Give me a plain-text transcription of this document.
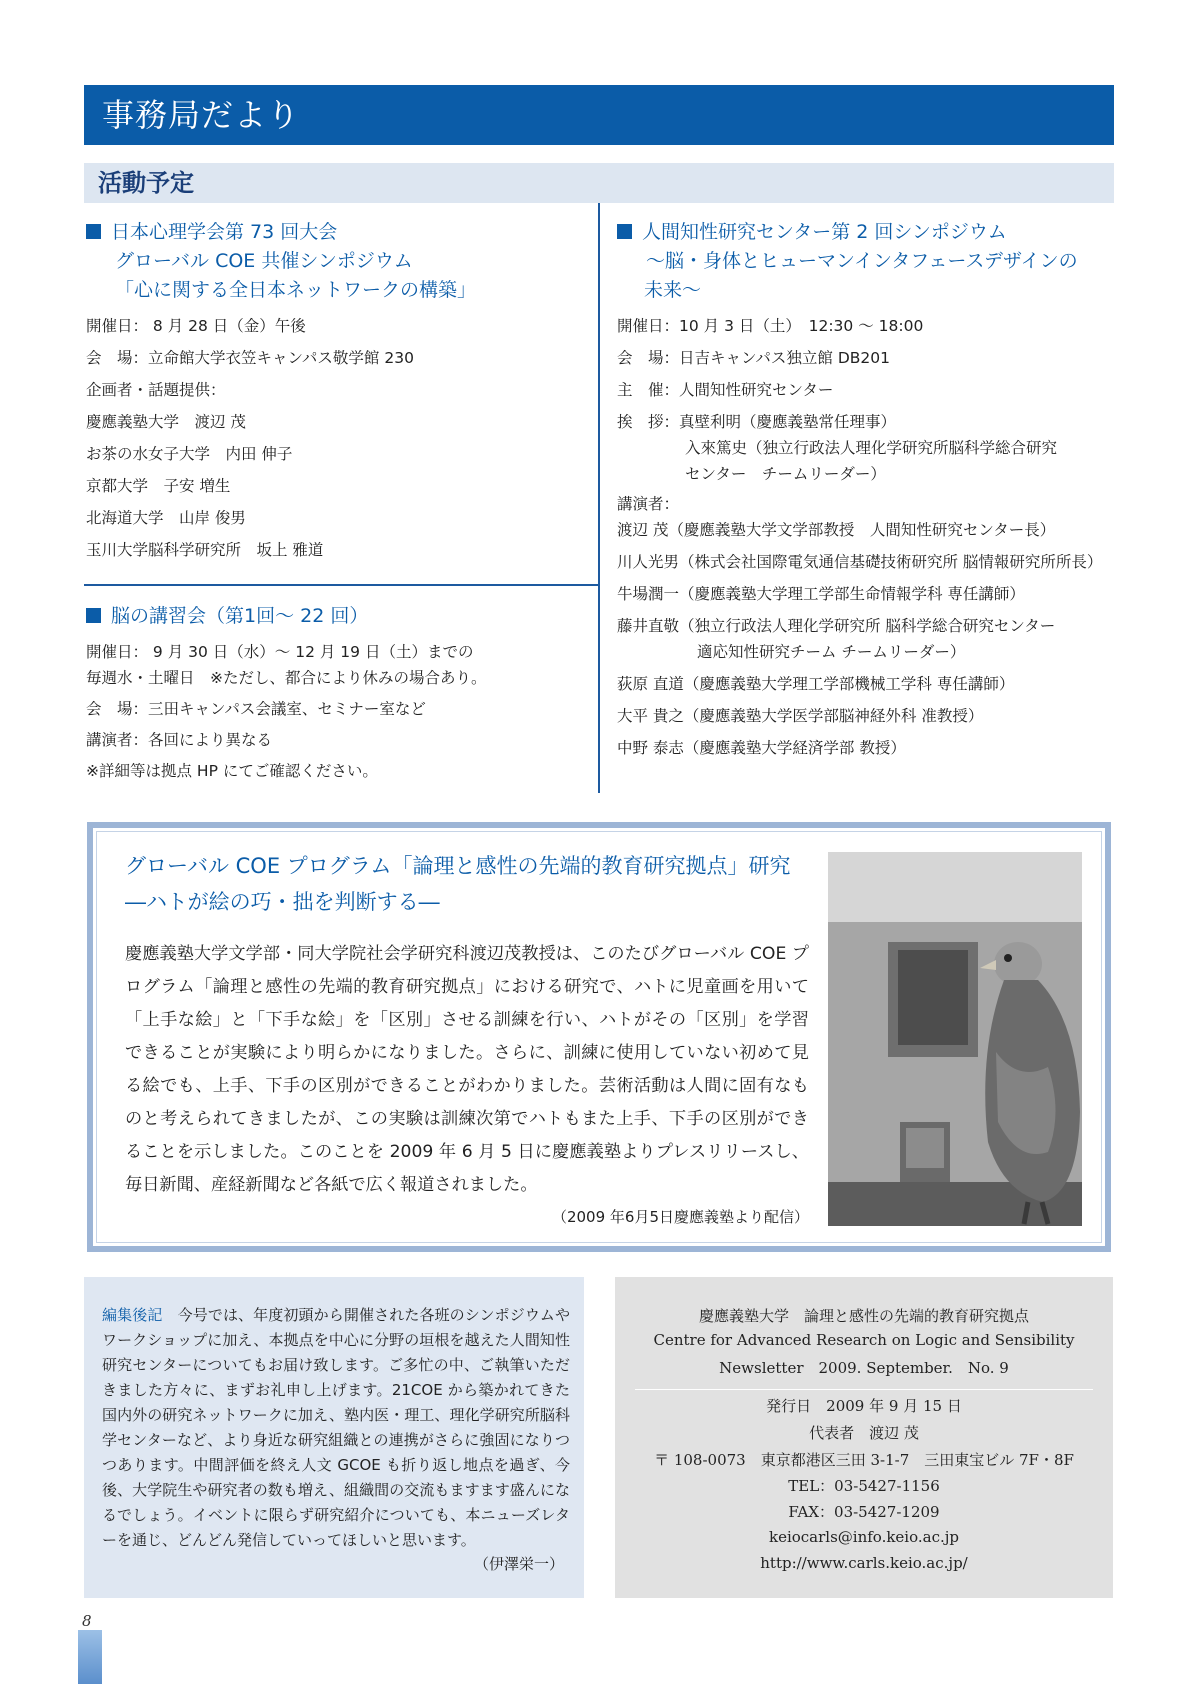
事務局だより
活動予定
日本心理学会第 73 回大会
グローバル COE 共催シンポジウム
「心に関する全日本ネットワークの構築」
開催日： 8 月 28 日（金）午後
会　場：立命館大学衣笠キャンパス敬学館 230
企画者・話題提供：
慶應義塾大学　渡辺 茂
お茶の水女子大学　内田 伸子
京都大学　子安 増生
北海道大学　山岸 俊男
玉川大学脳科学研究所　坂上 雅道
脳の講習会（第1回～ 22 回）
開催日： 9 月 30 日（水）～ 12 月 19 日（土）までの
毎週水・土曜日　※ただし、都合により休みの場合あり。
会　場：三田キャンパス会議室、セミナー室など
講演者：各回により異なる
※詳細等は拠点 HP にてご確認ください。
人間知性研究センター第 2 回シンポジウム
～脳・身体とヒューマンインタフェースデザインの
未来～
開催日：10 月 3 日（土）　12:30 ～ 18:00
会　場：日吉キャンパス独立館 DB201
主　催：人間知性研究センター
挨　拶：真壁利明（慶應義塾常任理事）
入來篤史（独立行政法人理化学研究所脳科学総合研究
センター　チームリーダー）
講演者：
渡辺 茂（慶應義塾大学文学部教授　人間知性研究センター長）
川人光男（株式会社国際電気通信基礎技術研究所 脳情報研究所所長）
牛場潤一（慶應義塾大学理工学部生命情報学科 専任講師）
藤井直敬（独立行政法人理化学研究所 脳科学総合研究センター
適応知性研究チーム チームリーダー）
荻原 直道（慶應義塾大学理工学部機械工学科 専任講師）
大平 貴之（慶應義塾大学医学部脳神経外科 准教授）
中野 泰志（慶應義塾大学経済学部 教授）
グローバル COE プログラム「論理と感性の先端的教育研究拠点」研究
―ハトが絵の巧・拙を判断する―
慶應義塾大学文学部・同大学院社会学研究科渡辺茂教授は、このたびグローバル COE プログラム「論理と感性の先端的教育研究拠点」における研究で、ハトに児童画を用いて「上手な絵」と「下手な絵」を「区別」させる訓練を行い、ハトがその「区別」を学習できることが実験により明らかになりました。さらに、訓練に使用していない初めて見る絵でも、上手、下手の区別ができることがわかりました。芸術活動は人間に固有なものと考えられてきましたが、この実験は訓練次第でハトもまた上手、下手の区別ができることを示しました。このことを 2009 年 6 月 5 日に慶應義塾よりプレスリリースし、毎日新聞、産経新聞など各紙で広く報道されました。
（2009 年6月5日慶應義塾より配信）
編集後記　 今号では、年度初頭から開催された各班のシンポジウムやワークショップに加え、本拠点を中心に分野の垣根を越えた人間知性研究センターについてもお届け致します。ご多忙の中、ご執筆いただきました方々に、まずお礼申し上げます。21COE から築かれてきた国内外の研究ネットワークに加え、塾内医・理工、理化学研究所脳科学センターなど、より身近な研究組織との連携がさらに強固になりつつあります。中間評価を終え人文 GCOE も折り返し地点を過ぎ、今後、大学院生や研究者の数も増え、組織間の交流もますます盛んになるでしょう。イベントに限らず研究紹介についても、本ニューズレターを通じ、どんどん発信していってほしいと思います。
（伊澤栄一）
慶應義塾大学　論理と感性の先端的教育研究拠点
Centre for Advanced Research on Logic and Sensibility
Newsletter　2009. September.　No. 9
発行日　2009 年 9 月 15 日
代表者　渡辺 茂
〒 108-0073　東京都港区三田 3-1-7　三田東宝ビル 7F・8F
TEL：03-5427-1156
FAX：03-5427-1209
keiocarls@info.keio.ac.jp
http://www.carls.keio.ac.jp/
8
